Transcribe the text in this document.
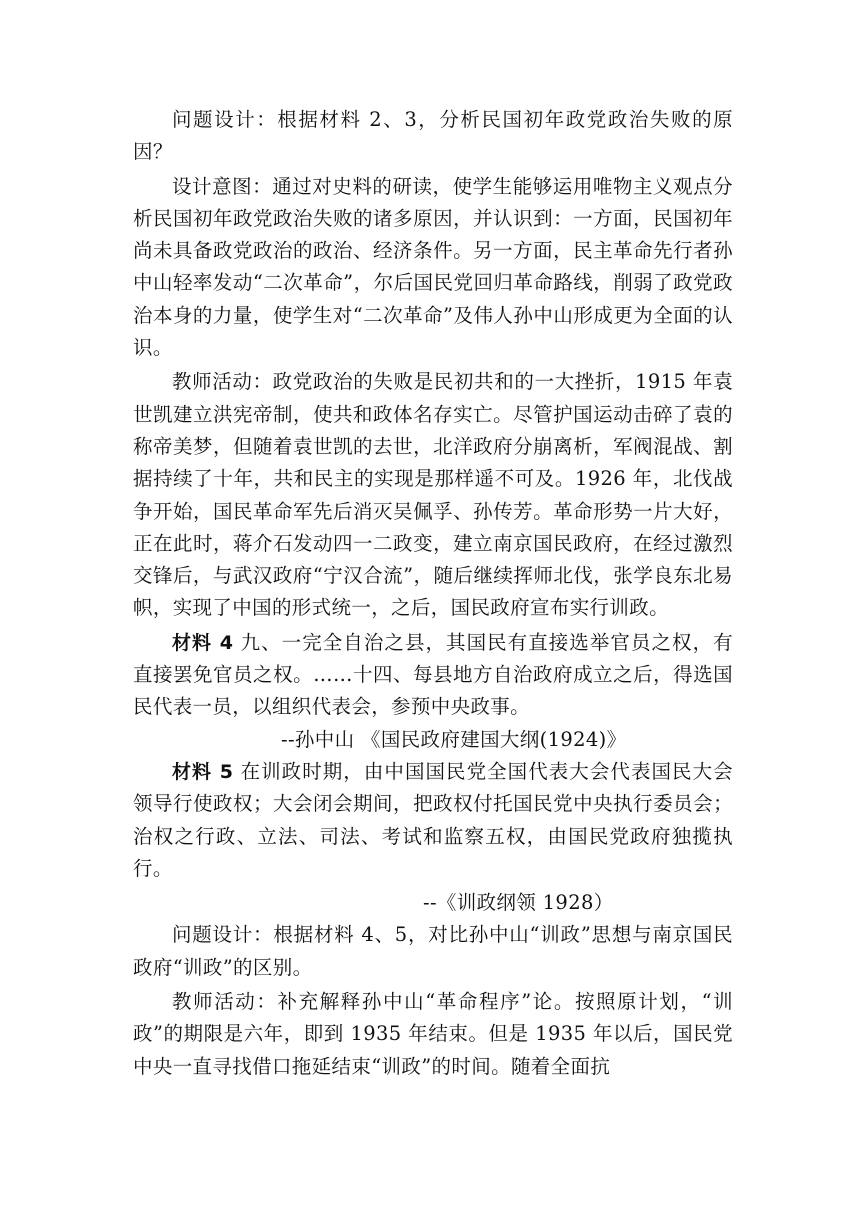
问题设计：根据材料 2、3，分析民国初年政党政治失败的原因？

设计意图：通过对史料的研读，使学生能够运用唯物主义观点分析民国初年政党政治失败的诸多原因，并认识到：一方面，民国初年尚未具备政党政治的政治、经济条件。另一方面，民主革命先行者孙中山轻率发动“二次革命”，尔后国民党回归革命路线，削弱了政党政治本身的力量，使学生对“二次革命”及伟人孙中山形成更为全面的认识。

教师活动：政党政治的失败是民初共和的一大挫折，1915 年袁世凯建立洪宪帝制，使共和政体名存实亡。尽管护国运动击碎了袁的称帝美梦，但随着袁世凯的去世，北洋政府分崩离析，军阀混战、割据持续了十年，共和民主的实现是那样遥不可及。1926 年，北伐战争开始，国民革命军先后消灭吴佩孚、孙传芳。革命形势一片大好，正在此时，蒋介石发动四一二政变，建立南京国民政府，在经过激烈交锋后，与武汉政府“宁汉合流”，随后继续挥师北伐，张学良东北易帜，实现了中国的形式统一，之后，国民政府宣布实行训政。

材料 4 九、一完全自治之县，其国民有直接选举官员之权，有直接罢免官员之权。……十四、每县地方自治政府成立之后，得选国民代表一员，以组织代表会，参预中央政事。

--孙中山 《国民政府建国大纲(1924)》

材料 5 在训政时期，由中国国民党全国代表大会代表国民大会领导行使政权；大会闭会期间，把政权付托国民党中央执行委员会；治权之行政、立法、司法、考试和监察五权，由国民党政府独揽执行。

--《训政纲领 1928）

问题设计：根据材料 4、5，对比孙中山“训政”思想与南京国民政府“训政”的区别。

教师活动：补充解释孙中山“革命程序”论。按照原计划，“训政”的期限是六年，即到 1935 年结束。但是 1935 年以后，国民党中央一直寻找借口拖延结束“训政”的时间。随着全面抗
